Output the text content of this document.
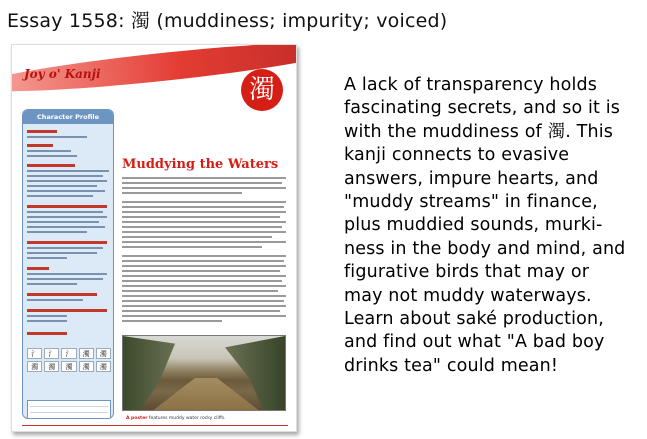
Essay 1558: 濁 (muddiness; impurity; voiced)
Joy o' Kanji
濁
Character Profile
氵	氵	氵	濁	濁
濁	濁	濁	濁	濁
Muddying the Waters
A poster features muddy water rocky cliffs.
A lack of transparency holds
fascinating secrets, and so it is
with the muddiness of 濁. This
kanji connects to evasive
answers, impure hearts, and
"muddy streams" in finance,
plus muddied sounds, murki-
ness in the body and mind, and
figurative birds that may or
may not muddy waterways.
Learn about saké production,
and find out what "A bad boy
drinks tea" could mean!
